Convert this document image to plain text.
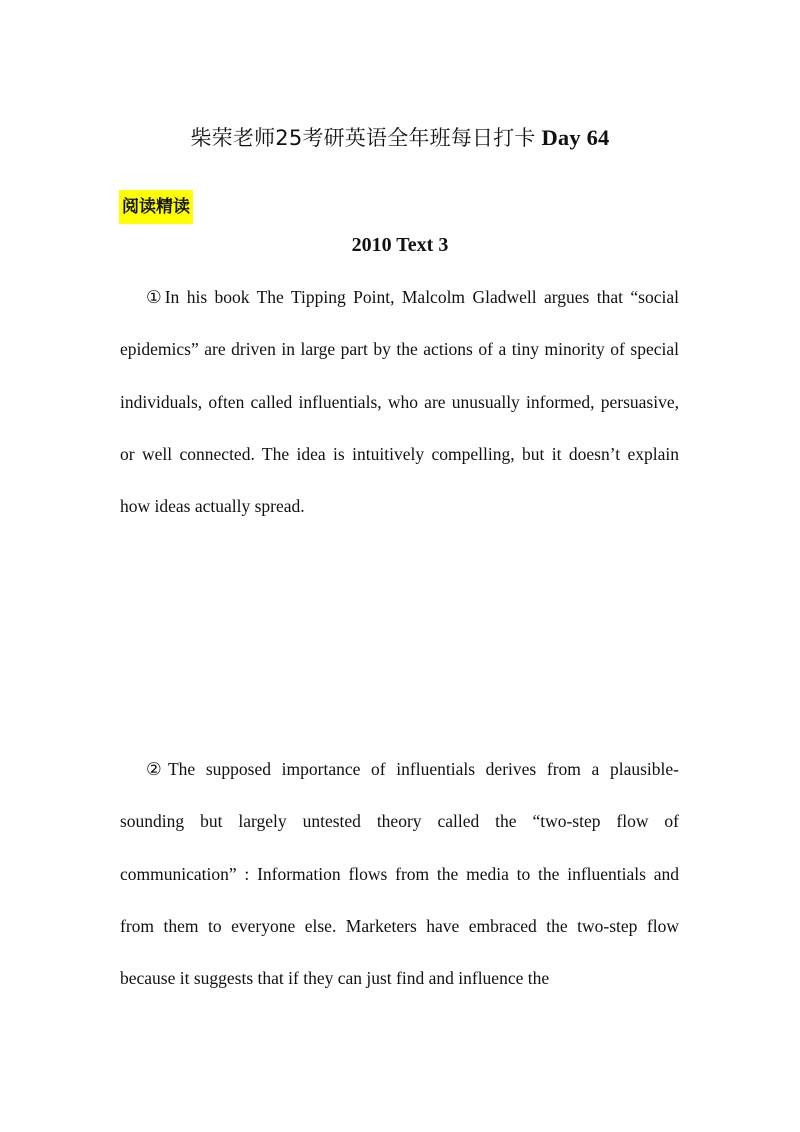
柴荣老师25考研英语全年班每日打卡 Day 64
阅读精读
2010 Text 3

①In his book The Tipping Point, Malcolm Gladwell argues that “social epidemics” are driven in large part by the actions of a tiny minority of special individuals, often called influentials, who are unusually informed, persuasive, or well connected. The idea is intuitively compelling, but it doesn’t explain how ideas actually spread.

②The supposed importance of influentials derives from a plausible-sounding but largely untested theory called the “two-step flow of communication” : Information flows from the media to the influentials and from them to everyone else. Marketers have embraced the two-step flow because it suggests that if they can just find and influence the
